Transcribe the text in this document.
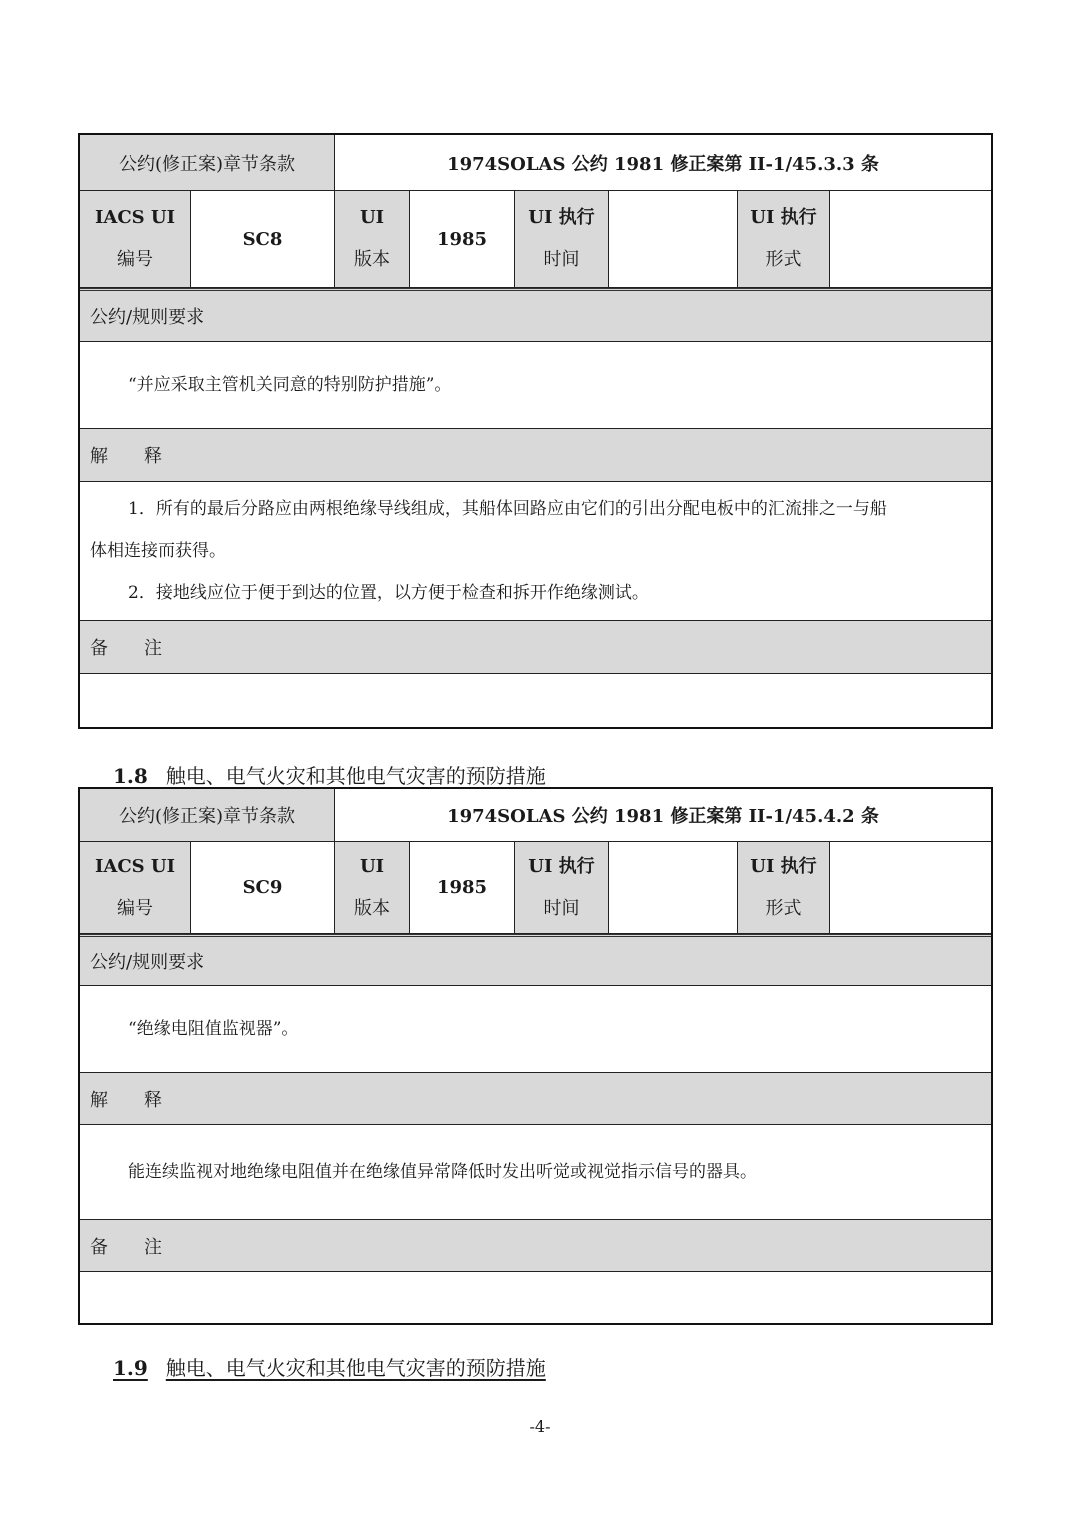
公约(修正案)章节条款	1974SOLAS 公约 1981 修正案第 II-1/45.3.3 条
IACS UI
编号
SC8
UI
版本
1985
UI 执行
时间
UI 执行
形式
公约/规则要求

“并应采取主管机关同意的特别防护措施”。

解　　释

1．所有的最后分路应由两根绝缘导线组成，其船体回路应由它们的引出分配电板中的汇流排之一与船

体相连接而获得。

2．接地线应位于便于到达的位置，以方便于检查和拆开作绝缘测试。

备　　注
1.8 触电、电气火灾和其他电气灾害的预防措施
公约(修正案)章节条款	1974SOLAS 公约 1981 修正案第 II-1/45.4.2 条
IACS UI
编号
SC9
UI
版本
1985
UI 执行
时间
UI 执行
形式
公约/规则要求

“绝缘电阻值监视器”。

解　　释

能连续监视对地绝缘电阻值并在绝缘值异常降低时发出听觉或视觉指示信号的器具。

备　　注
1.9 触电、电气火灾和其他电气灾害的预防措施
-4-
